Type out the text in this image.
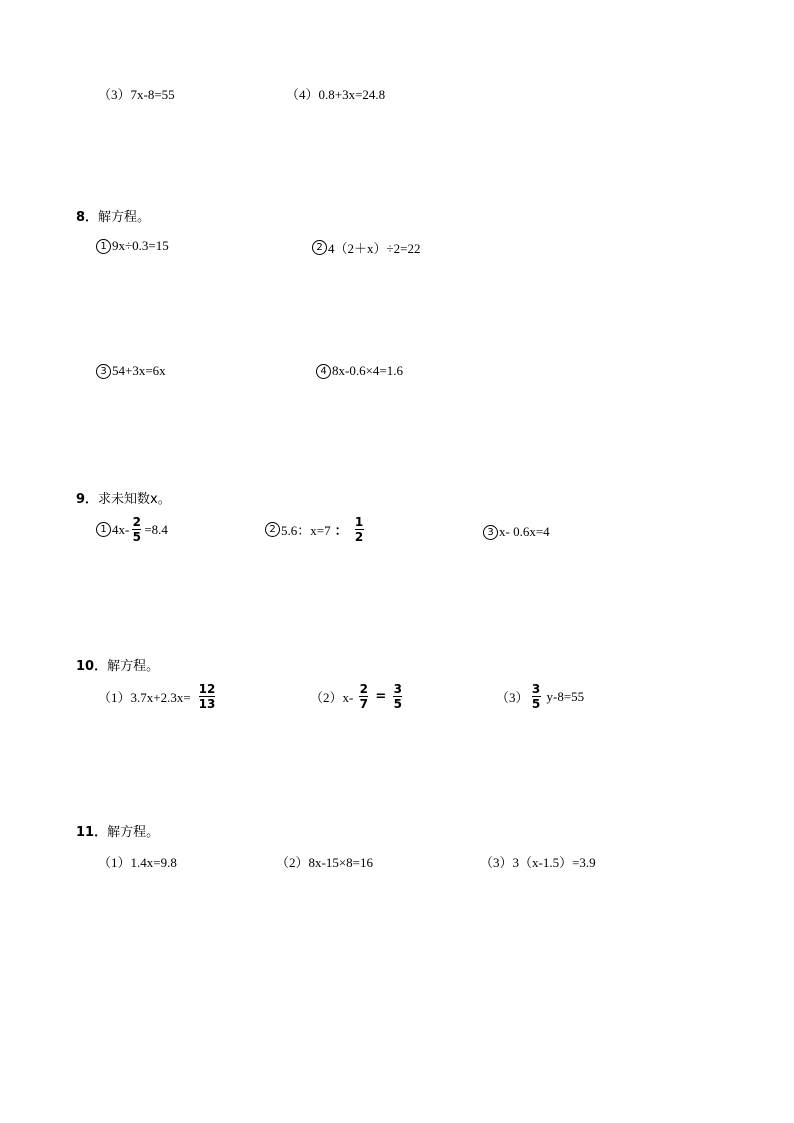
（3）7x-8=55	（4）0.8+3x=24.8
8． 解方程。
1 9x÷0.3=15	2 4（2＋x）÷2=22
3 54+3x=6x	4 8x-0.6×4=1.6
9． 求未知数x。
1 $4x- \frac{2}{5} =8.4$	2 5.6：x=7 ： $\frac{1}{2}$	3 x- 0.6x=4
10． 解方程。
$(1)3.7x+2.3x= \frac{12}{13}$	$(2)x- \frac{2}{7} = \frac{3}{5}$	$(3) \frac{3}{5} y-8=55$
11． 解方程。
（1）1.4x=9.8	（2）8x-15×8=16	（3）3（x-1.5）=3.9
